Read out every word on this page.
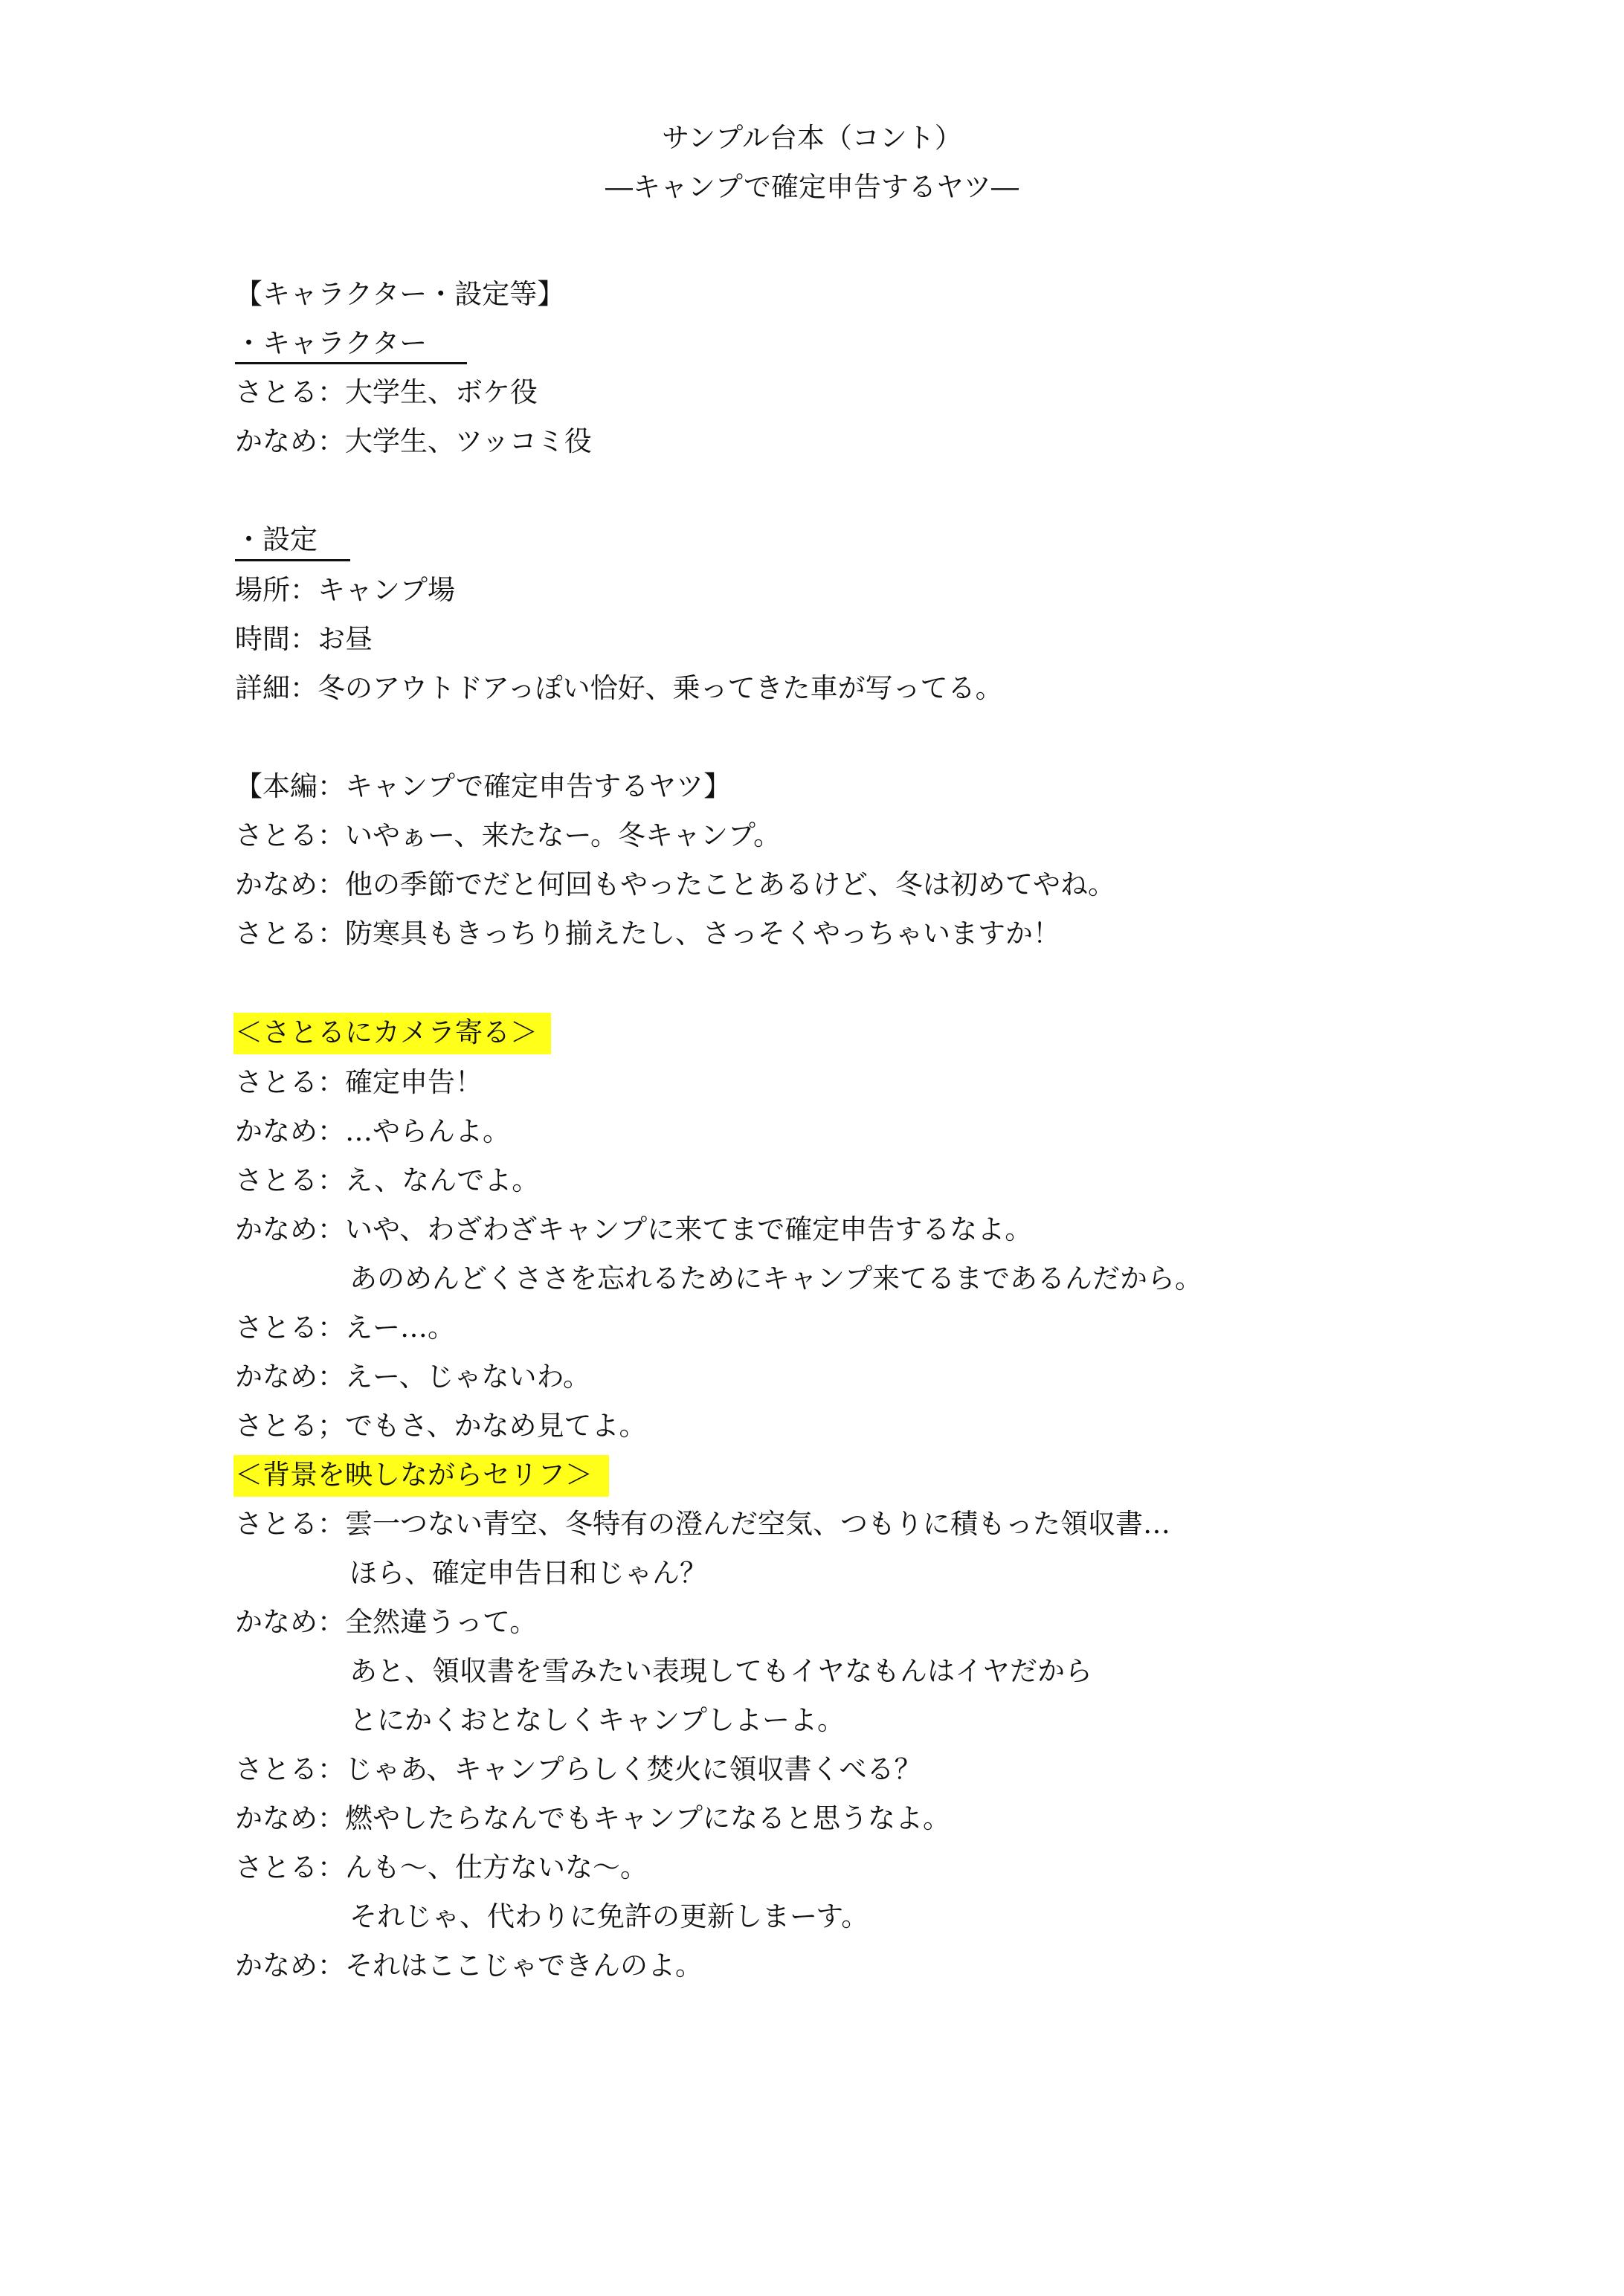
サンプル台本（コント）

―キャンプで確定申告するヤツ―

【キャラクター・設定等】

・キャラクター

さとる：大学生、ボケ役

かなめ：大学生、ツッコミ役

・設定

場所：キャンプ場

時間：お昼

詳細：冬のアウトドアっぽい恰好、乗ってきた車が写ってる。

【本編：キャンプで確定申告するヤツ】

さとる：いやぁー、来たなー。冬キャンプ。

かなめ：他の季節でだと何回もやったことあるけど、冬は初めてやね。

さとる：防寒具もきっちり揃えたし、さっそくやっちゃいますか！

＜さとるにカメラ寄る＞

さとる：確定申告！

かなめ：…やらんよ。

さとる：え、なんでよ。

かなめ：いや、わざわざキャンプに来てまで確定申告するなよ。

あのめんどくささを忘れるためにキャンプ来てるまであるんだから。

さとる：えー…。

かなめ：えー、じゃないわ。

さとる；でもさ、かなめ見てよ。

＜背景を映しながらセリフ＞

さとる：雲一つない青空、冬特有の澄んだ空気、つもりに積もった領収書…

ほら、確定申告日和じゃん？

かなめ：全然違うって。

あと、領収書を雪みたい表現してもイヤなもんはイヤだから

とにかくおとなしくキャンプしよーよ。

さとる：じゃあ、キャンプらしく焚火に領収書くべる？

かなめ：燃やしたらなんでもキャンプになると思うなよ。

さとる：んも～、仕方ないな～。

それじゃ、代わりに免許の更新しまーす。

かなめ：それはここじゃできんのよ。
